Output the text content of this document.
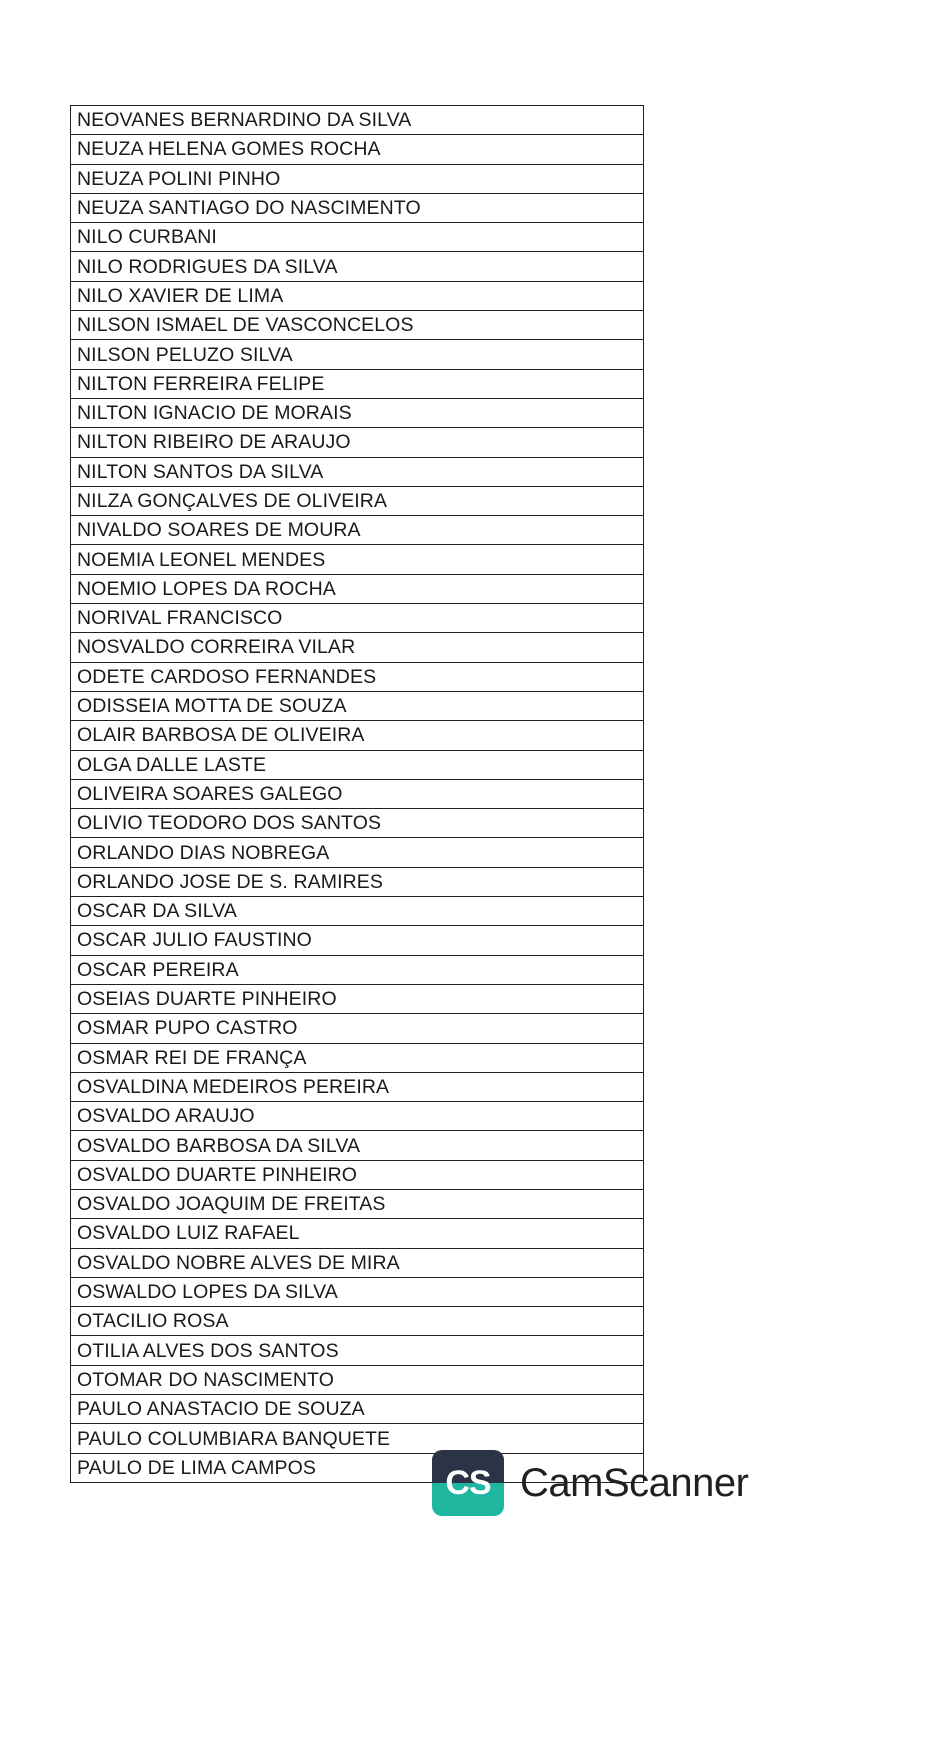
NEOVANES BERNARDINO DA SILVA
NEUZA HELENA GOMES ROCHA
NEUZA POLINI PINHO
NEUZA SANTIAGO DO NASCIMENTO
NILO CURBANI
NILO RODRIGUES DA SILVA
NILO XAVIER DE LIMA
NILSON ISMAEL DE VASCONCELOS
NILSON PELUZO SILVA
NILTON FERREIRA FELIPE
NILTON IGNACIO DE MORAIS
NILTON RIBEIRO DE ARAUJO
NILTON SANTOS DA SILVA
NILZA GONÇALVES DE OLIVEIRA
NIVALDO SOARES DE MOURA
NOEMIA LEONEL MENDES
NOEMIO LOPES DA ROCHA
NORIVAL FRANCISCO
NOSVALDO CORREIRA VILAR
ODETE CARDOSO FERNANDES
ODISSEIA MOTTA DE SOUZA
OLAIR BARBOSA DE OLIVEIRA
OLGA DALLE LASTE
OLIVEIRA SOARES GALEGO
OLIVIO TEODORO DOS SANTOS
ORLANDO DIAS NOBREGA
ORLANDO JOSE DE S. RAMIRES
OSCAR DA SILVA
OSCAR JULIO FAUSTINO
OSCAR PEREIRA
OSEIAS DUARTE PINHEIRO
OSMAR PUPO CASTRO
OSMAR REI DE FRANÇA
OSVALDINA MEDEIROS PEREIRA
OSVALDO ARAUJO
OSVALDO BARBOSA DA SILVA
OSVALDO DUARTE PINHEIRO
OSVALDO JOAQUIM DE FREITAS
OSVALDO LUIZ RAFAEL
OSVALDO NOBRE ALVES DE MIRA
OSWALDO LOPES DA SILVA
OTACILIO ROSA
OTILIA ALVES DOS SANTOS
OTOMAR DO NASCIMENTO
PAULO ANASTACIO DE SOUZA
PAULO COLUMBIARA BANQUETE
PAULO DE LIMA CAMPOS	CS CamScanner
